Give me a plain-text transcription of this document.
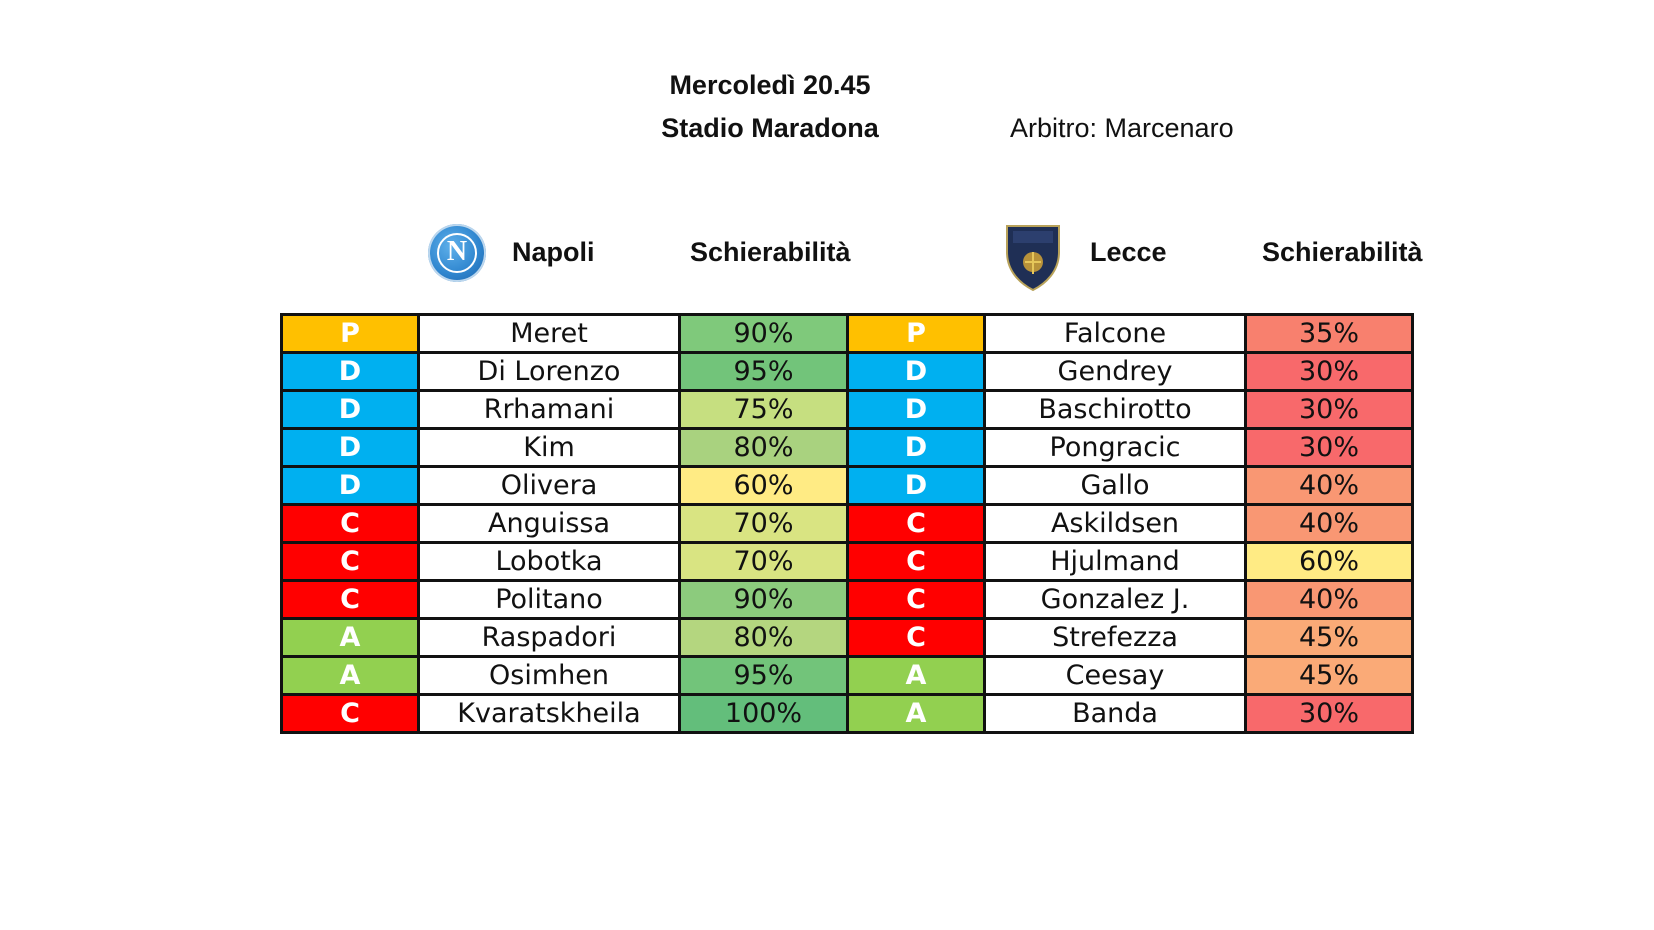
Mercoledì 20.45
Stadio Maradona	Arbitro: Marcenaro
N	Napoli	Schierabilità	Lecce	Schierabilità
P	Meret	90%	P	Falcone	35%
D	Di Lorenzo	95%	D	Gendrey	30%
D	Rrhamani	75%	D	Baschirotto	30%
D	Kim	80%	D	Pongracic	30%
D	Olivera	60%	D	Gallo	40%
C	Anguissa	70%	C	Askildsen	40%
C	Lobotka	70%	C	Hjulmand	60%
C	Politano	90%	C	Gonzalez J.	40%
A	Raspadori	80%	C	Strefezza	45%
A	Osimhen	95%	A	Ceesay	45%
C	Kvaratskheila	100%	A	Banda	30%
